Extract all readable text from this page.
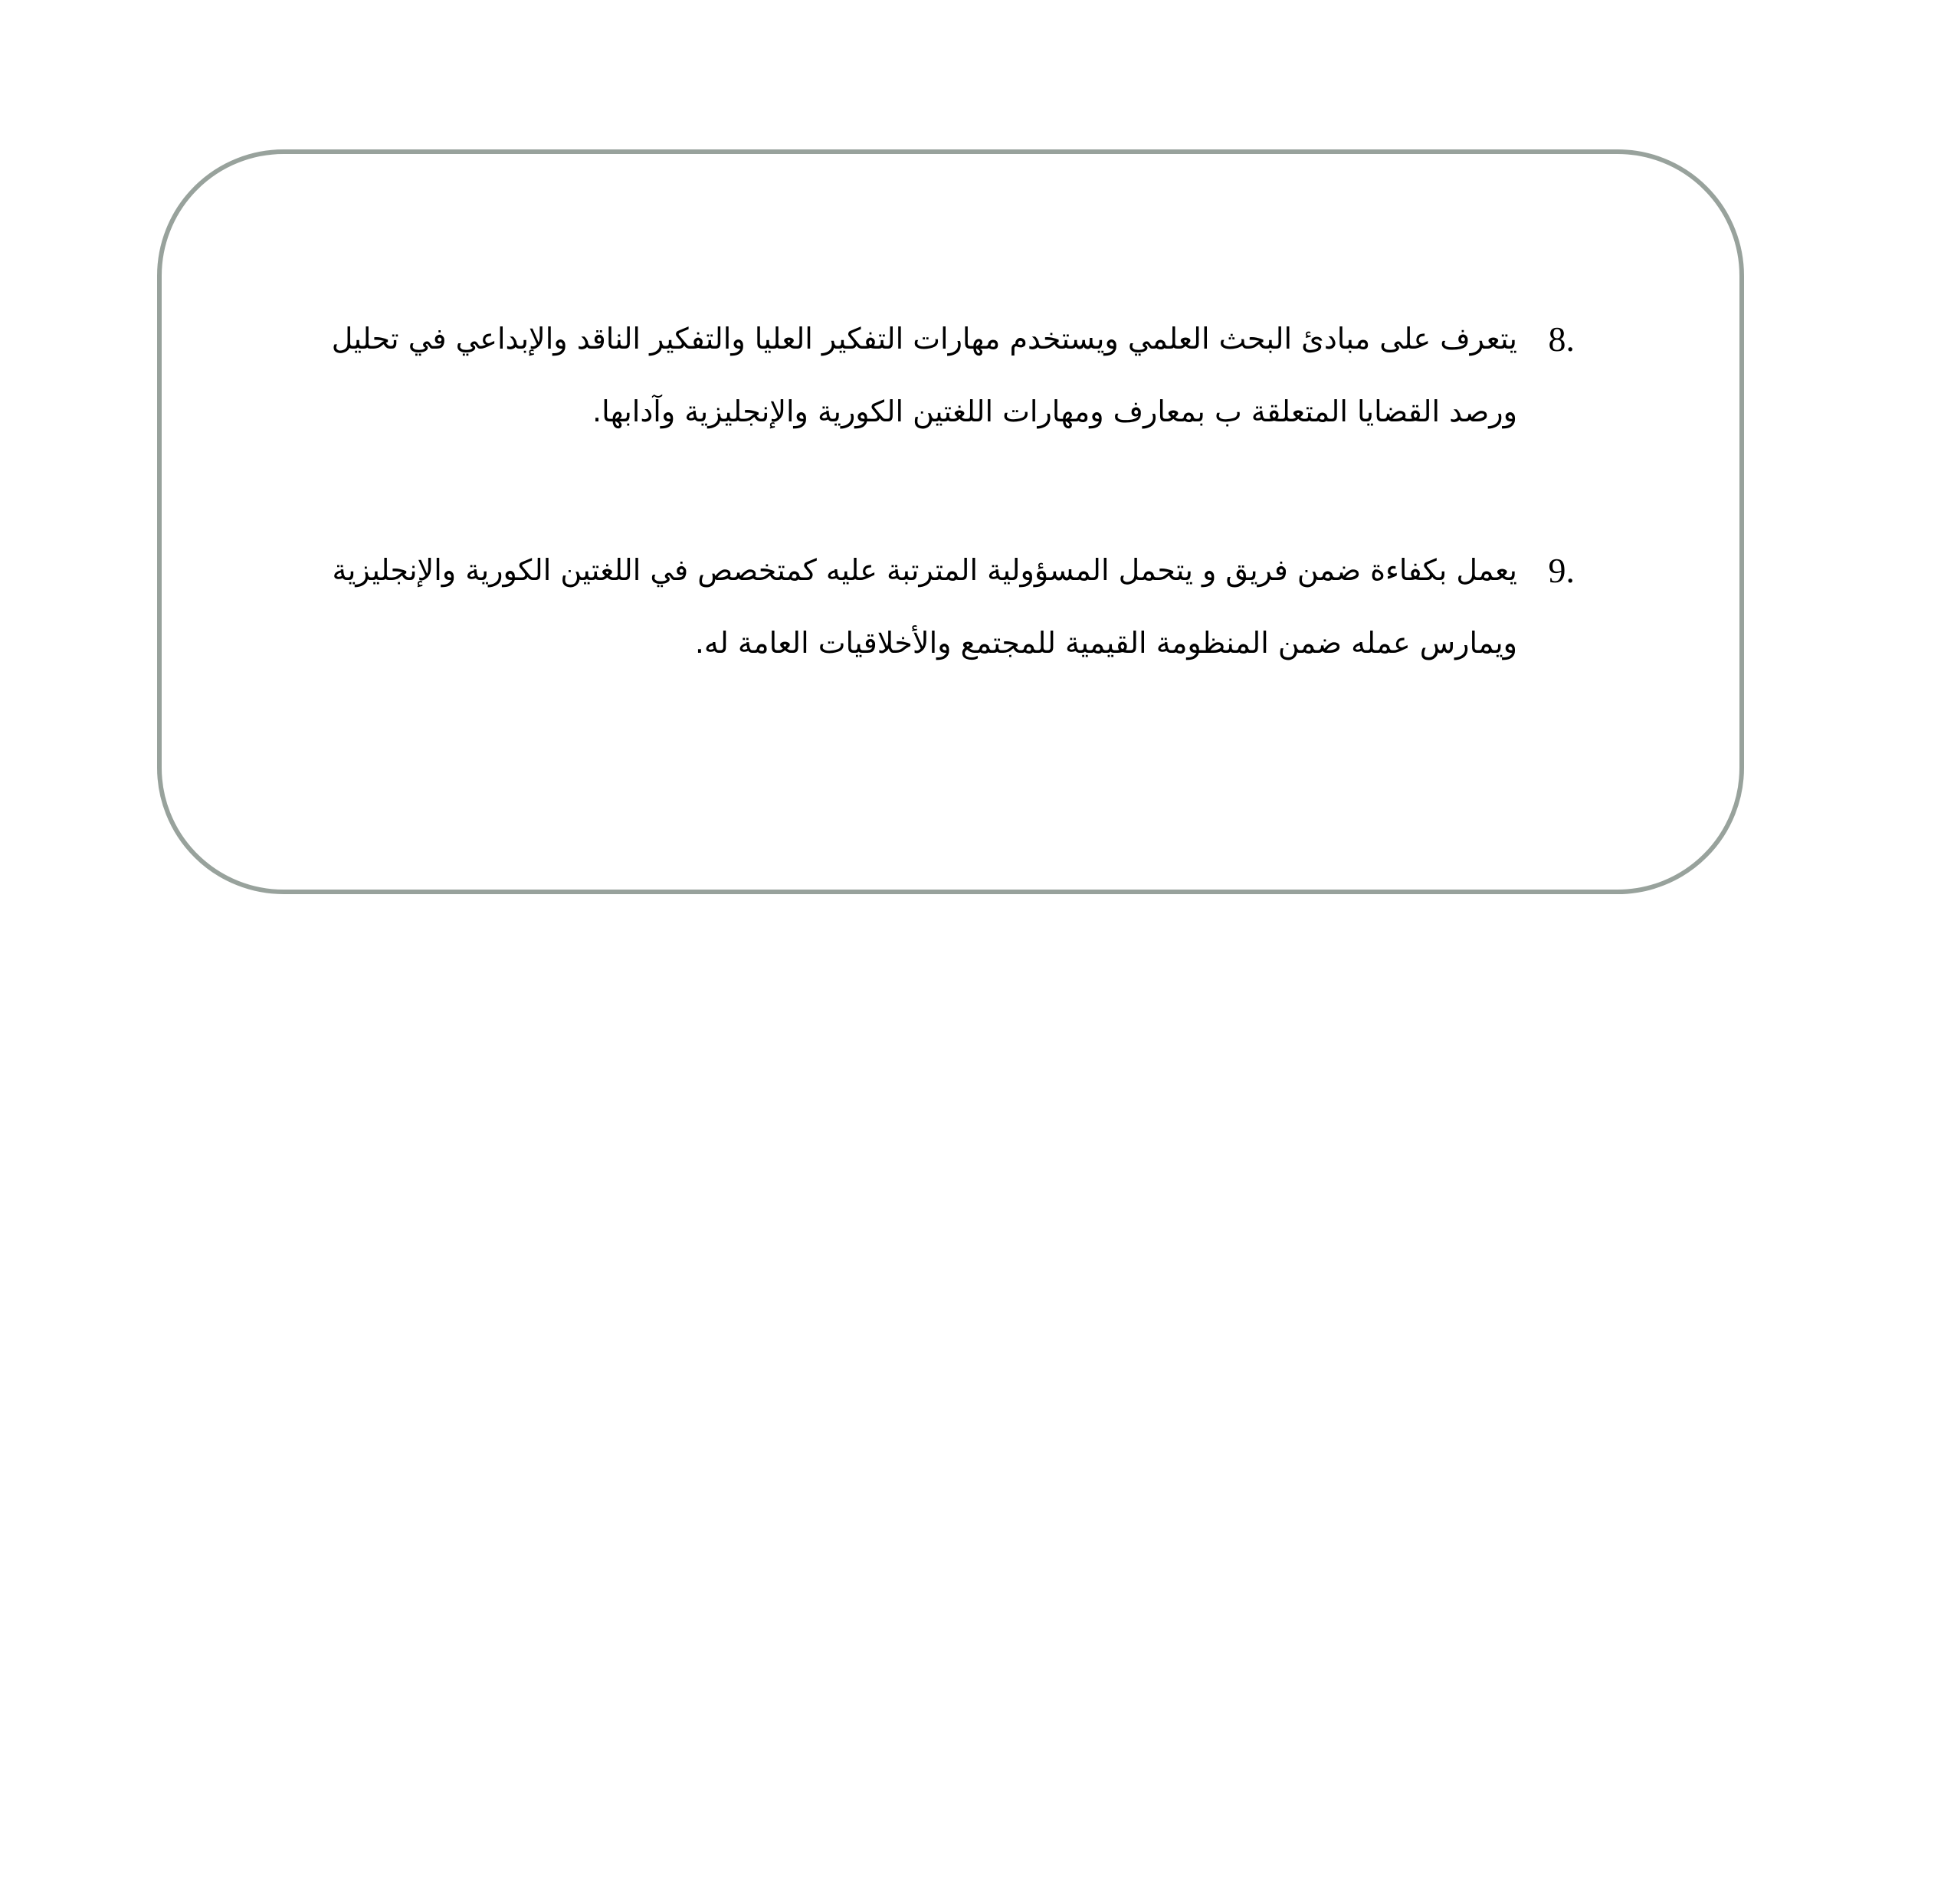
8.
يتعرف على مبادئ البحث العلمي ويستخدم مهارات التفكير العليا والتفكير الناقد والإبداعي في تحليل ورصد القضايا المتعلقة ب بمعارف ومهارات اللغتين الكورية والإنجليزية وآدابها.
9.
يعمل بكفاءة ضمن فريق و يتحمل المسؤولية المترتبة عليه كمتخصص في اللغتين الكورية والإنجليزية ويمارس عمله ضمن المنظومة القيمية للمجتمع والأخلاقيات العامة له.
